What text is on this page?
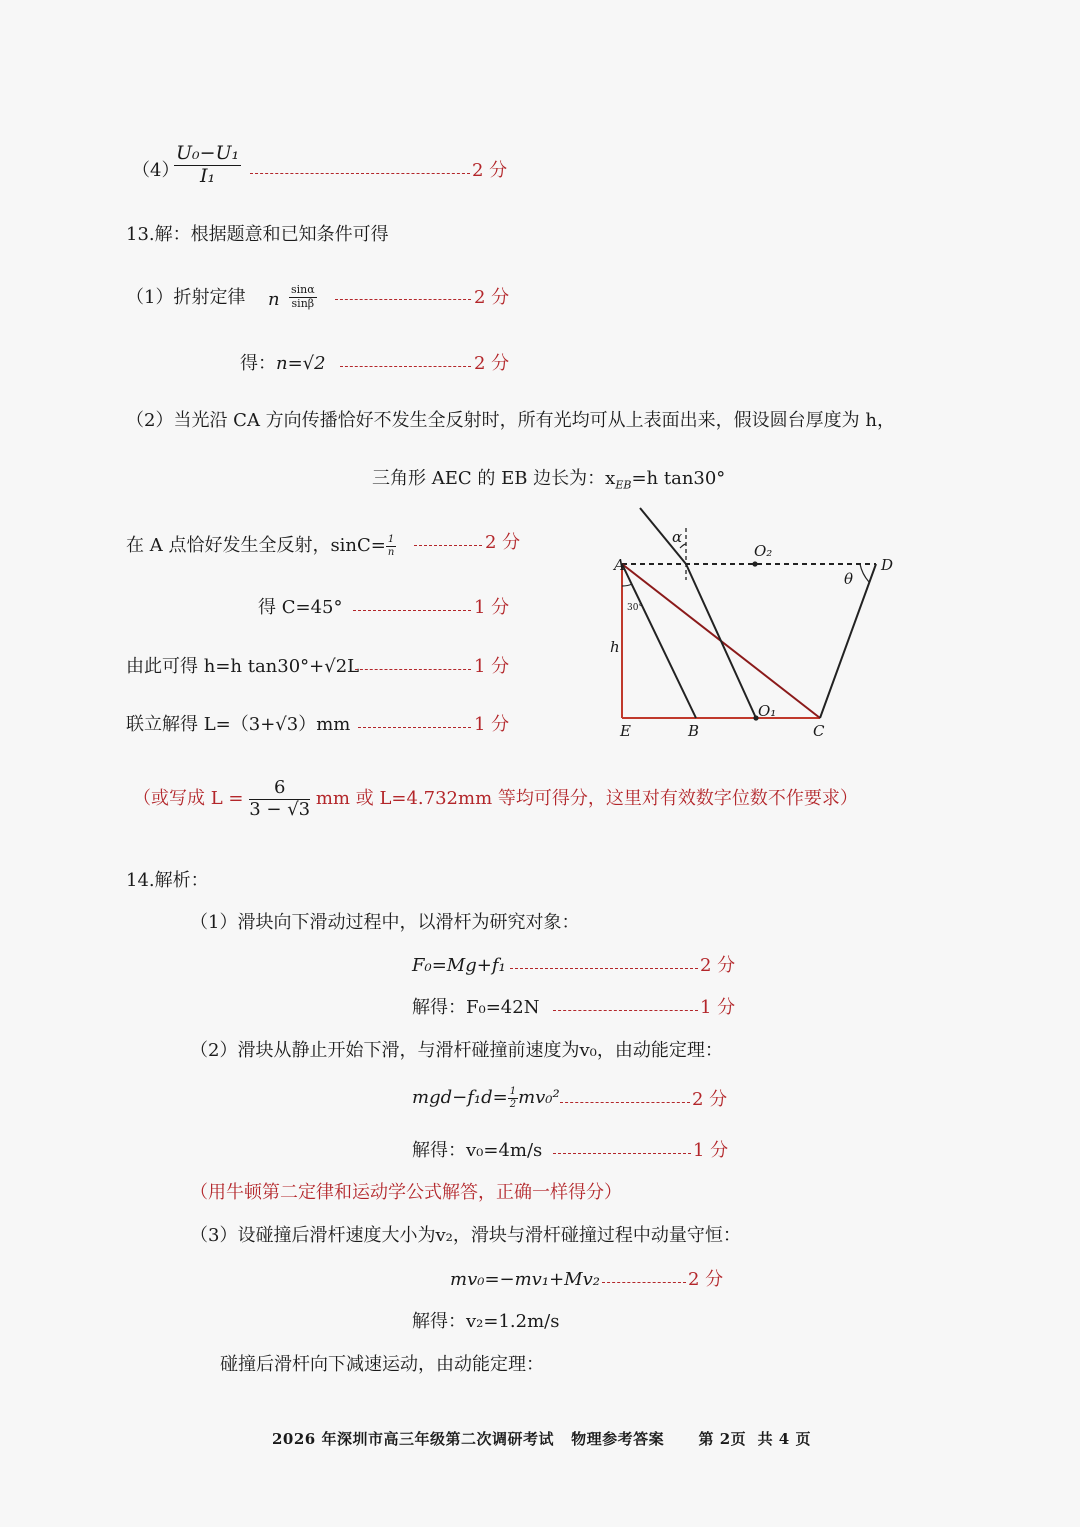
（4）
$\frac{\text{U₀−U₁}}{\text{I₁}}$	2 分
13.解：根据题意和已知条件可得
（1）折射定律 n $\frac{\sin\alpha}{\sin\beta}$	2 分
得： n=√2	2 分
（2）当光沿 CA 方向传播恰好不发生全反射时，所有光均可从上表面出来，假设圆台厚度为 h，
三角形 AEC 的 EB 边长为：$x_{EB}=h$ tan30°
在 A 点恰好发生全反射，$\sin C= \frac{1}{n}$	2 分
得 C=45°	1 分
由此可得 h=h tan30°+√2L	1 分
联立解得 L=（3+√3）mm	1 分
A	D
E	B	C
O₁
O₂
α
θ
h
30°
（或写成 $L = \frac{6}{3 - √3}$ mm 或 L=4.732mm 等均可得分，这里对有效数字位数不作要求）
14.解析：
（1）滑块向下滑动过程中，以滑杆为研究对象：
F₀=Mg+f₁	2 分
解得：F₀=42N	1 分
（2）滑块从静止开始下滑，与滑杆碰撞前速度为v₀，由动能定理：
$mgd-f_1d= \frac{1}{2} mv_0^2$	2 分
解得：v₀=4m/s	1 分
（用牛顿第二定律和运动学公式解答，正确一样得分）
（3）设碰撞后滑杆速度大小为v₂，滑块与滑杆碰撞过程中动量守恒：
mv₀=−mv₁+Mv₂	2 分
解得：v₂=1.2m/s
碰撞后滑杆向下减速运动，由动能定理：
2026 年深圳市高三年级第二次调研考试   物理参考答案      第 2页  共 4 页
